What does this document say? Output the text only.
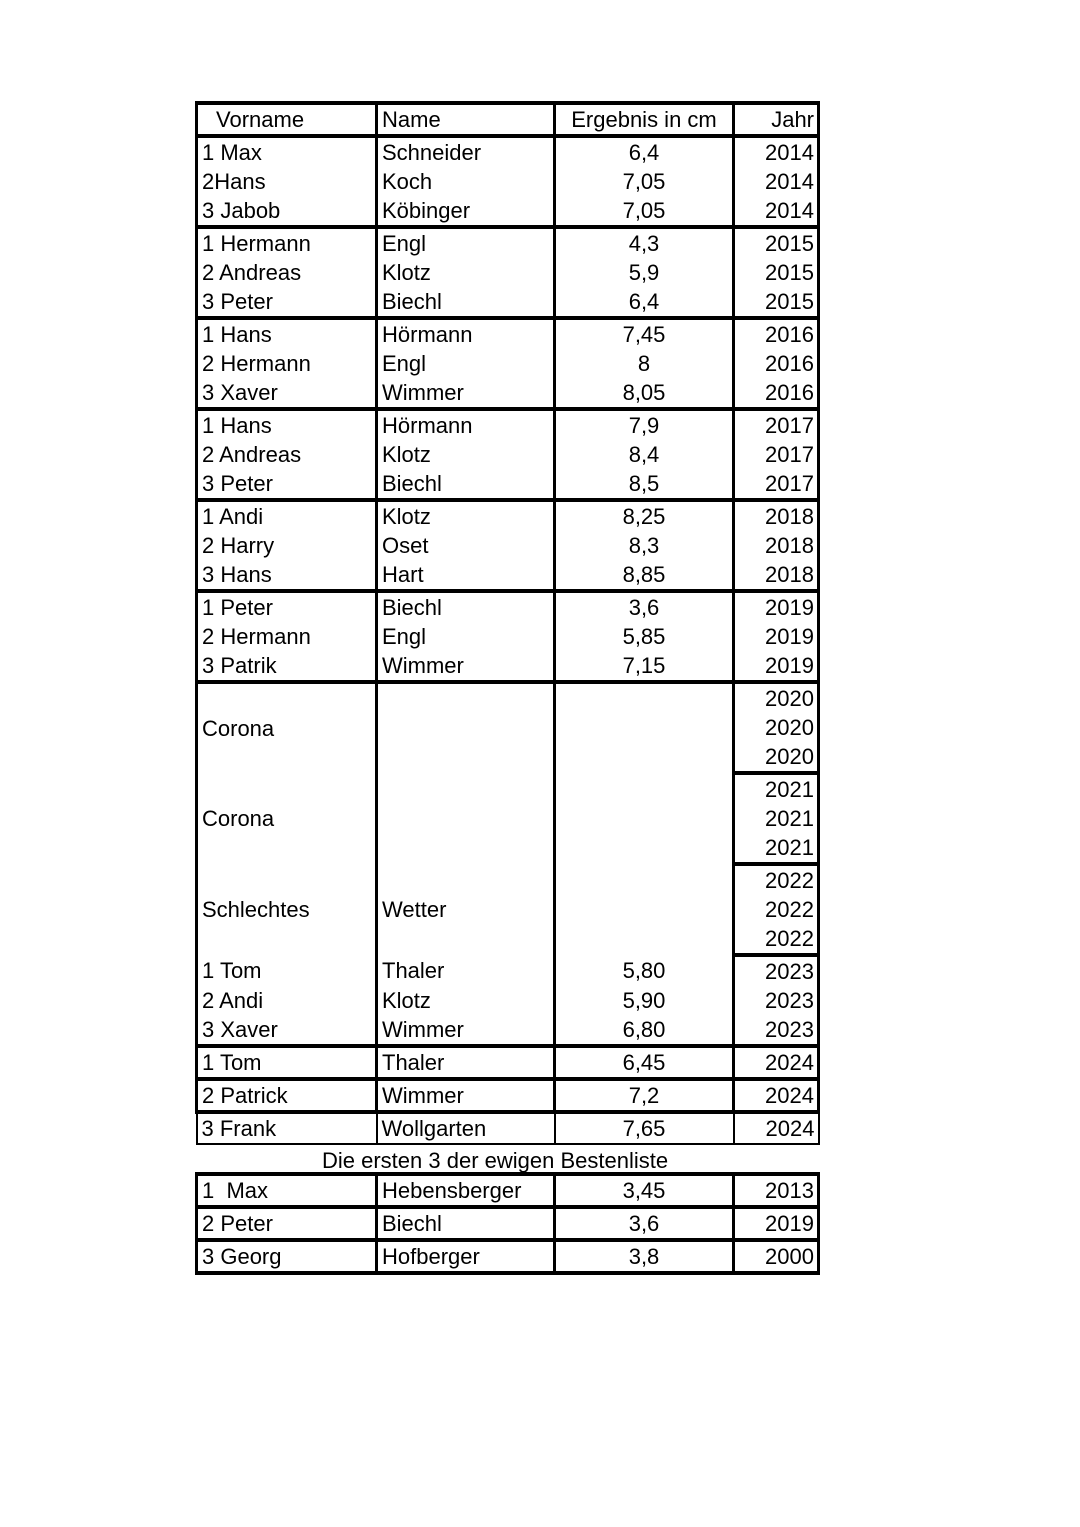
Vorname	Name	Ergebnis in cm	Jahr
1 Max	Schneider	6,4	2014
2Hans	Koch	7,05	2014
3 Jabob	Köbinger	7,05	2014
1 Hermann	Engl	4,3	2015
2 Andreas	Klotz	5,9	2015
3 Peter	Biechl	6,4	2015
1 Hans	Hörmann	7,45	2016
2 Hermann	Engl	8	2016
3 Xaver	Wimmer	8,05	2016
1 Hans	Hörmann	7,9	2017
2 Andreas	Klotz	8,4	2017
3 Peter	Biechl	8,5	2017
1 Andi	Klotz	8,25	2018
2 Harry	Oset	8,3	2018
3 Hans	Hart	8,85	2018
1 Peter	Biechl	3,6	2019
2 Hermann	Engl	5,85	2019
3 Patrik	Wimmer	7,15	2019
Corona			2020
			2020
			2020
Corona			2021
			2021
			2021
Schlechtes	Wetter		2022
			2022
			2022
1 Tom	Thaler	5,80	2023
2 Andi	Klotz	5,90	2023
3 Xaver	Wimmer	6,80	2023
1 Tom	Thaler	6,45	2024
2 Patrick	Wimmer	7,2	2024
3 Frank	Wollgarten	7,65	2024
Die ersten 3 der ewigen Bestenliste
1  Max	Hebensberger	3,45	2013
2 Peter	Biechl	3,6	2019
3 Georg	Hofberger	3,8	2000
